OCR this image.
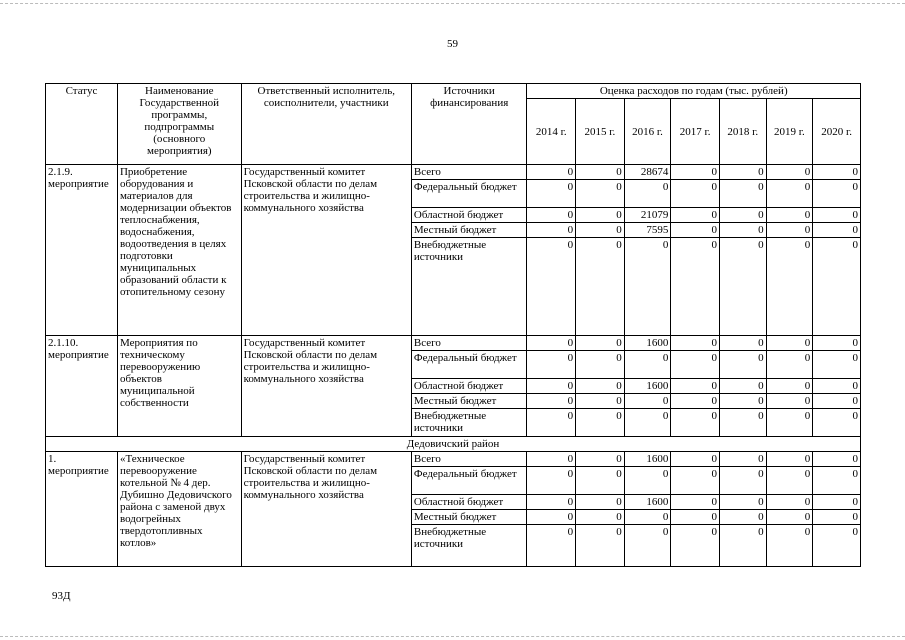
59
Статус	Наименование Государственной программы, подпрограммы (основного мероприятия)	Ответственный исполнитель, соисполнители, участники	Источники финансирования	Оценка расходов по годам (тыс. рублей)						
				2014 г.	2015 г.	2016 г.	2017 г.	2018 г.	2019 г.	2020 г.
2.1.9. мероприятие	Приобретение оборудования и материалов для модернизации объектов теплоснабжения, водоснабжения, водоотведения в целях подготовки муниципальных образований области к отопительному сезону	Государственный комитет Псковской области по делам строительства и жилищно-коммунального хозяйства	Всего	0	0	28674	0	0	0	0
			Федеральный бюджет	0	0	0	0	0	0	0
			Областной бюджет	0	0	21079	0	0	0	0
			Местный бюджет	0	0	7595	0	0	0	0
			Внебюджетные источники	0	0	0	0	0	0	0
2.1.10. мероприятие	Мероприятия по техническому перевооружению объектов муниципальной собственности	Государственный комитет Псковской области по делам строительства и жилищно-коммунального хозяйства	Всего	0	0	1600	0	0	0	0
			Федеральный бюджет	0	0	0	0	0	0	0
			Областной бюджет	0	0	1600	0	0	0	0
			Местный бюджет	0	0	0	0	0	0	0
			Внебюджетные источники	0	0	0	0	0	0	0
Дедовичский район										
1. мероприятие	«Техническое перевооружение котельной № 4 дер. Дубишно Дедовичского района с заменой двух водогрейных твердотопливных котлов»	Государственный комитет Псковской области по делам строительства и жилищно-коммунального хозяйства	Всего	0	0	1600	0	0	0	0
			Федеральный бюджет	0	0	0	0	0	0	0
			Областной бюджет	0	0	1600	0	0	0	0
			Местный бюджет	0	0	0	0	0	0	0
			Внебюджетные источники	0	0	0	0	0	0	0
93Д
